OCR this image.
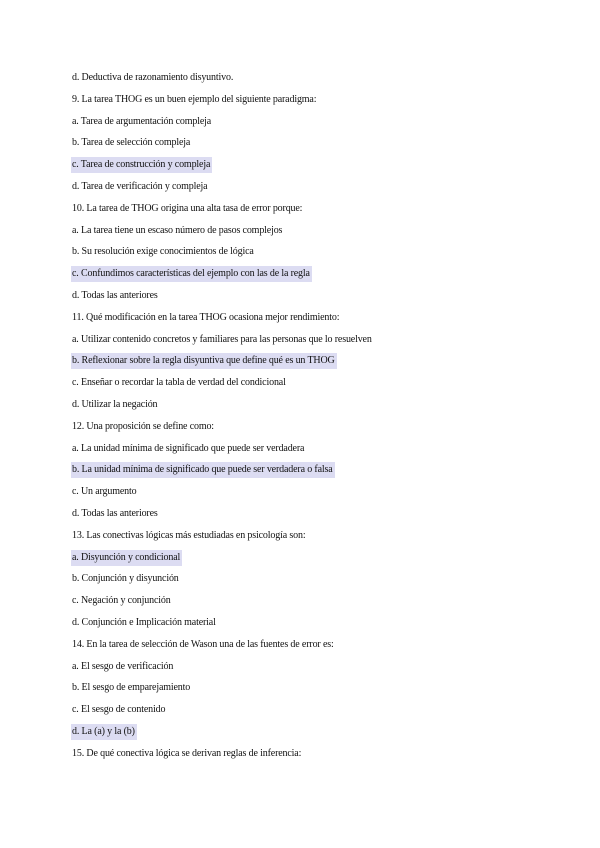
d. Deductiva de razonamiento disyuntivo.
9. La tarea THOG es un buen ejemplo del siguiente paradigma:
a. Tarea de argumentación compleja
b. Tarea de selección compleja
c. Tarea de construcción y compleja
d. Tarea de verificación y compleja
10. La tarea de THOG origina una alta tasa de error porque:
a. La tarea tiene un escaso número de pasos complejos
b. Su resolución exige conocimientos de lógica
c. Confundimos características del ejemplo con las de la regla
d. Todas las anteriores
11. Qué modificación en la tarea THOG ocasiona mejor rendimiento:
a. Utilizar contenido concretos y familiares para las personas que lo resuelven
b. Reflexionar sobre la regla disyuntiva que define qué es un THOG
c. Enseñar o recordar la tabla de verdad del condicional
d. Utilizar la negación
12. Una proposición se define como:
a. La unidad mínima de significado que puede ser verdadera
b. La unidad mínima de significado que puede ser verdadera o falsa
c. Un argumento
d. Todas las anteriores
13. Las conectivas lógicas más estudiadas en psicología son:
a. Disyunción y condicional
b. Conjunción y disyunción
c. Negación y conjunción
d. Conjunción e Implicación material
14. En la tarea de selección de Wason una de las fuentes de error es:
a. El sesgo de verificación
b. El sesgo de emparejamiento
c. El sesgo de contenido
d. La (a) y la (b)
15. De qué conectiva lógica se derivan reglas de inferencia:
